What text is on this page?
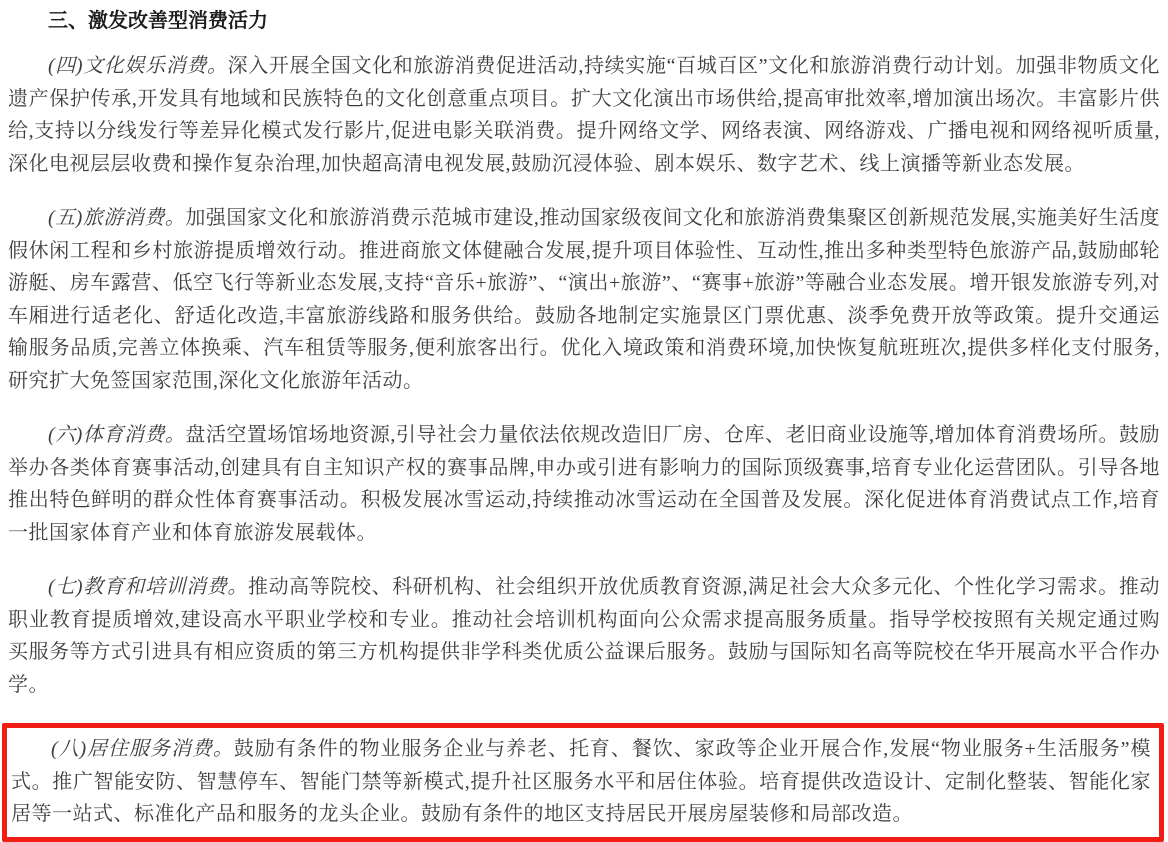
三、激发改善型消费活力

(四)文化娱乐消费。深入开展全国文化和旅游消费促进活动,持续实施“百城百区”文化和旅游消费行动计划。加强非物质文化遗产保护传承,开发具有地域和民族特色的文化创意重点项目。扩大文化演出市场供给,提高审批效率,增加演出场次。丰富影片供给,支持以分线发行等差异化模式发行影片,促进电影关联消费。提升网络文学、网络表演、网络游戏、广播电视和网络视听质量,深化电视层层收费和操作复杂治理,加快超高清电视发展,鼓励沉浸体验、剧本娱乐、数字艺术、线上演播等新业态发展。

(五)旅游消费。加强国家文化和旅游消费示范城市建设,推动国家级夜间文化和旅游消费集聚区创新规范发展,实施美好生活度假休闲工程和乡村旅游提质增效行动。推进商旅文体健融合发展,提升项目体验性、互动性,推出多种类型特色旅游产品,鼓励邮轮游艇、房车露营、低空飞行等新业态发展,支持“音乐+旅游”、“演出+旅游”、“赛事+旅游”等融合业态发展。增开银发旅游专列,对车厢进行适老化、舒适化改造,丰富旅游线路和服务供给。鼓励各地制定实施景区门票优惠、淡季免费开放等政策。提升交通运输服务品质,完善立体换乘、汽车租赁等服务,便利旅客出行。优化入境政策和消费环境,加快恢复航班班次,提供多样化支付服务,研究扩大免签国家范围,深化文化旅游年活动。

(六)体育消费。盘活空置场馆场地资源,引导社会力量依法依规改造旧厂房、仓库、老旧商业设施等,增加体育消费场所。鼓励举办各类体育赛事活动,创建具有自主知识产权的赛事品牌,申办或引进有影响力的国际顶级赛事,培育专业化运营团队。引导各地推出特色鲜明的群众性体育赛事活动。积极发展冰雪运动,持续推动冰雪运动在全国普及发展。深化促进体育消费试点工作,培育一批国家体育产业和体育旅游发展载体。

(七)教育和培训消费。推动高等院校、科研机构、社会组织开放优质教育资源,满足社会大众多元化、个性化学习需求。推动职业教育提质增效,建设高水平职业学校和专业。推动社会培训机构面向公众需求提高服务质量。指导学校按照有关规定通过购买服务等方式引进具有相应资质的第三方机构提供非学科类优质公益课后服务。鼓励与国际知名高等院校在华开展高水平合作办学。

(八)居住服务消费。鼓励有条件的物业服务企业与养老、托育、餐饮、家政等企业开展合作,发展“物业服务+生活服务”模式。推广智能安防、智慧停车、智能门禁等新模式,提升社区服务水平和居住体验。培育提供改造设计、定制化整装、智能化家居等一站式、标准化产品和服务的龙头企业。鼓励有条件的地区支持居民开展房屋装修和局部改造。
